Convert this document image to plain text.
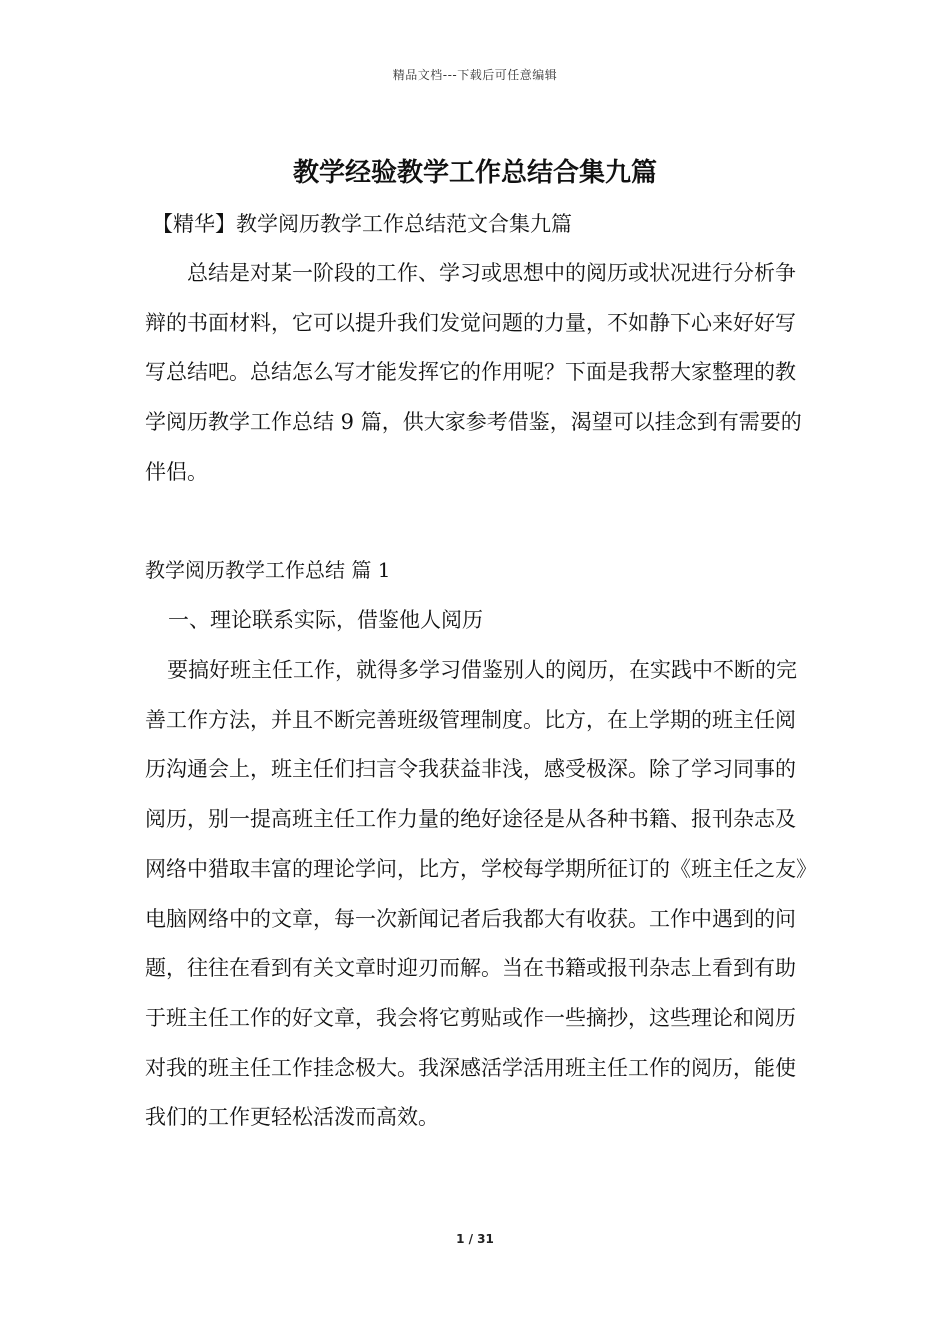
精品文档---下载后可任意编辑
教学经验教学工作总结合集九篇
【精华】教学阅历教学工作总结范文合集九篇
总结是对某一阶段的工作、学习或思想中的阅历或状况进行分析争辩的书面材料，它可以提升我们发觉问题的力量，不如静下心来好好写写总结吧。总结怎么写才能发挥它的作用呢？下面是我帮大家整理的教学阅历教学工作总结 9 篇，供大家参考借鉴，渴望可以挂念到有需要的伴侣。
教学阅历教学工作总结 篇 1
一、理论联系实际，借鉴他人阅历
要搞好班主任工作，就得多学习借鉴别人的阅历，在实践中不断的完善工作方法，并且不断完善班级管理制度。比方，在上学期的班主任阅历沟通会上，班主任们扫言令我获益非浅，感受极深。除了学习同事的阅历，别一提高班主任工作力量的绝好途径是从各种书籍、报刊杂志及网络中猎取丰富的理论学问，比方，学校每学期所征订的《班主任之友》电脑网络中的文章，每一次新闻记者后我都大有收获。工作中遇到的问题，往往在看到有关文章时迎刃而解。当在书籍或报刊杂志上看到有助于班主任工作的好文章，我会将它剪贴或作一些摘抄，这些理论和阅历对我的班主任工作挂念极大。我深感活学活用班主任工作的阅历，能使我们的工作更轻松活泼而高效。
1 / 31
